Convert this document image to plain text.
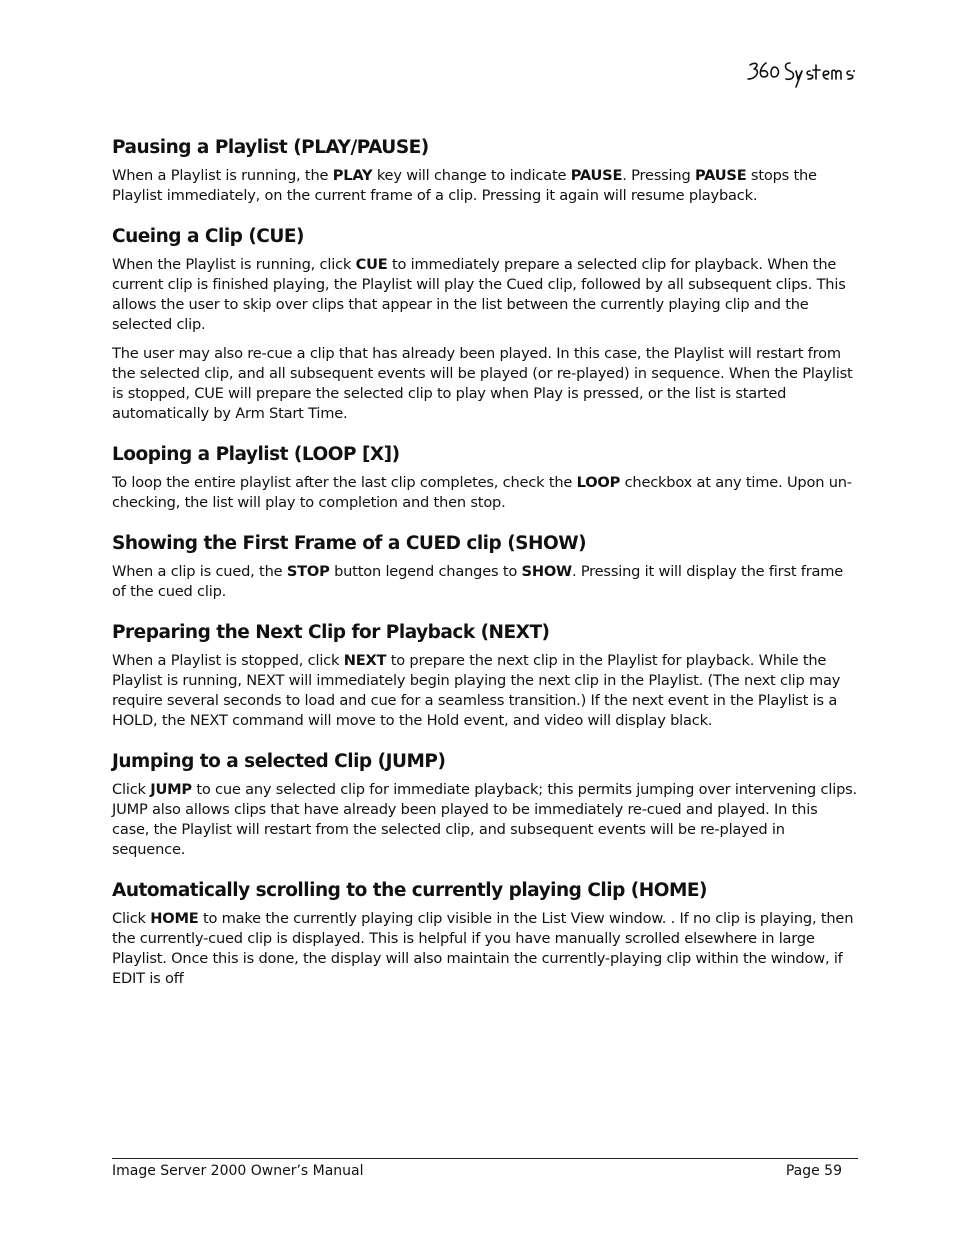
Pausing a Playlist (PLAY/PAUSE)

When a Playlist is running, the PLAY key will change to indicate PAUSE. Pressing PAUSE stops the Playlist immediately, on the current frame of a clip. Pressing it again will resume playback.

Cueing a Clip (CUE)

When the Playlist is running, click CUE to immediately prepare a selected clip for playback. When the current clip is finished playing, the Playlist will play the Cued clip, followed by all subsequent clips. This allows the user to skip over clips that appear in the list between the currently playing clip and the selected clip.

The user may also re-cue a clip that has already been played. In this case, the Playlist will restart from the selected clip, and all subsequent events will be played (or re-played) in sequence. When the Playlist is stopped, CUE will prepare the selected clip to play when Play is pressed, or the list is started automatically by Arm Start Time.

Looping a Playlist (LOOP [X])

To loop the entire playlist after the last clip completes, check the LOOP checkbox at any time. Upon un-checking, the list will play to completion and then stop.

Showing the First Frame of a CUED clip (SHOW)

When a clip is cued, the STOP button legend changes to SHOW. Pressing it will display the first frame of the cued clip.

Preparing the Next Clip for Playback (NEXT)

When a Playlist is stopped, click NEXT to prepare the next clip in the Playlist for playback. While the Playlist is running, NEXT will immediately begin playing the next clip in the Playlist. (The next clip may require several seconds to load and cue for a seamless transition.) If the next event in the Playlist is a HOLD, the NEXT command will move to the Hold event, and video will display black.

Jumping to a selected Clip (JUMP)

Click JUMP to cue any selected clip for immediate playback; this permits jumping over intervening clips. JUMP also allows clips that have already been played to be immediately re-cued and played. In this case, the Playlist will restart from the selected clip, and subsequent events will be re-played in sequence.

Automatically scrolling to the currently playing Clip (HOME)

Click HOME to make the currently playing clip visible in the List View window. . If no clip is playing, then the currently-cued clip is displayed. This is helpful if you have manually scrolled elsewhere in large Playlist. Once this is done, the display will also maintain the currently-playing clip within the window, if EDIT is off

Image Server 2000 Owner’s Manual	Page 59
